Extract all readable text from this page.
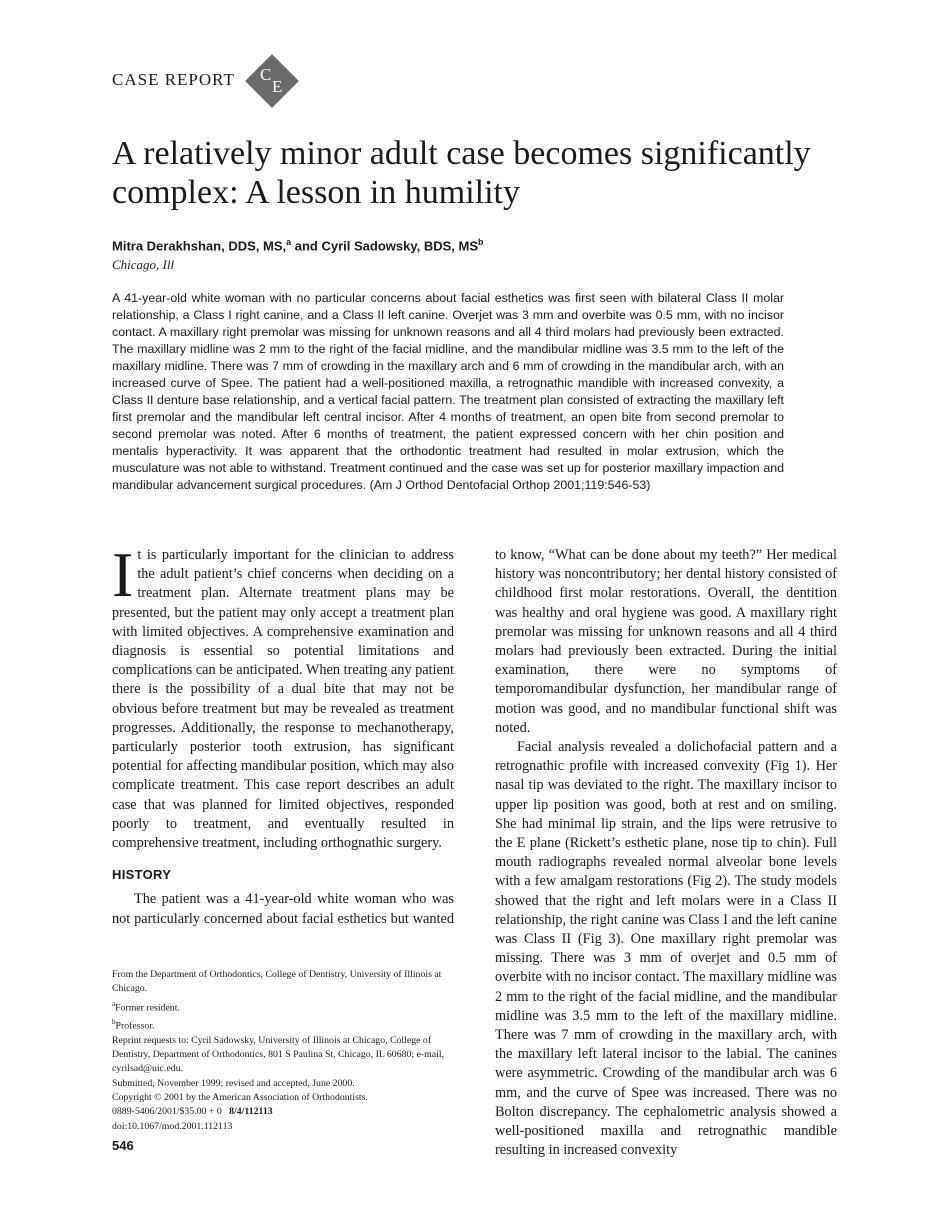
CASE REPORT C
E
A relatively minor adult case becomes significantly complex: A lesson in humility
Mitra Derakhshan, DDS, MS,$^a$ and Cyril Sadowsky, BDS, $MS^b$
Chicago, Ill

A 41-year-old white woman with no particular concerns about facial esthetics was first seen with bilateral Class II molar relationship, a Class I right canine, and a Class II left canine. Overjet was 3 mm and overbite was 0.5 mm, with no incisor contact. A maxillary right premolar was missing for unknown reasons and all 4 third molars had previously been extracted. The maxillary midline was 2 mm to the right of the facial midline, and the mandibular midline was 3.5 mm to the left of the maxillary midline. There was 7 mm of crowding in the maxillary arch and 6 mm of crowding in the mandibular arch, with an increased curve of Spee. The patient had a well-positioned maxilla, a retrognathic mandible with increased convexity, a Class II denture base relationship, and a vertical facial pattern. The treatment plan consisted of extracting the maxillary left first premolar and the mandibular left central incisor. After 4 months of treatment, an open bite from second premolar to second premolar was noted. After 6 months of treatment, the patient expressed concern with her chin position and mentalis hyperactivity. It was apparent that the orthodontic treatment had resulted in molar extrusion, which the musculature was not able to withstand. Treatment continued and the case was set up for posterior maxillary impaction and mandibular advancement surgical procedures. (Am J Orthod Dentofacial Orthop 2001;119:546-53)

It is particularly important for the clinician to address the adult patient’s chief concerns when deciding on a treatment plan. Alternate treatment plans may be presented, but the patient may only accept a treatment plan with limited objectives. A comprehensive examination and diagnosis is essential so potential limitations and complications can be anticipated. When treating any patient there is the possibility of a dual bite that may not be obvious before treatment but may be revealed as treatment progresses. Additionally, the response to mechanotherapy, particularly posterior tooth extrusion, has significant potential for affecting mandibular position, which may also complicate treatment. This case report describes an adult case that was planned for limited objectives, responded poorly to treatment, and eventually resulted in comprehensive treatment, including orthognathic surgery.

HISTORY

The patient was a 41-year-old white woman who was not particularly concerned about facial esthetics but wanted

to know, “What can be done about my teeth?” Her medical history was noncontributory; her dental history consisted of childhood first molar restorations. Overall, the dentition was healthy and oral hygiene was good. A maxillary right premolar was missing for unknown reasons and all 4 third molars had previously been extracted. During the initial examination, there were no symptoms of temporomandibular dysfunction, her mandibular range of motion was good, and no mandibular functional shift was noted.

Facial analysis revealed a dolichofacial pattern and a retrognathic profile with increased convexity (Fig 1). Her nasal tip was deviated to the right. The maxillary incisor to upper lip position was good, both at rest and on smiling. She had minimal lip strain, and the lips were retrusive to the E plane (Rickett’s esthetic plane, nose tip to chin). Full mouth radiographs revealed normal alveolar bone levels with a few amalgam restorations (Fig 2). The study models showed that the right and left molars were in a Class II relationship, the right canine was Class I and the left canine was Class II (Fig 3). One maxillary right premolar was missing. There was 3 mm of overjet and 0.5 mm of overbite with no incisor contact. The maxillary midline was 2 mm to the right of the facial midline, and the mandibular midline was 3.5 mm to the left of the maxillary midline. There was 7 mm of crowding in the maxillary arch, with the maxillary left lateral incisor to the labial. The canines were asymmetric. Crowding of the mandibular arch was 6 mm, and the curve of Spee was increased. There was no Bolton discrepancy. The cephalometric analysis showed a well-positioned maxilla and retrognathic mandible resulting in increased convexity

From the Department of Orthodontics, College of Dentistry, University of Illinois at Chicago.
$^a$Former resident.
$^b$Professor.
Reprint requests to: Cyril Sadowsky, University of Illinois at Chicago, College of Dentistry, Department of Orthodontics, 801 S Paulina St, Chicago, IL 60680; e-mail, cyrilsad@uic.edu.
Submitted, November 1999; revised and accepted, June 2000.
Copyright © 2001 by the American Association of Orthodontists.
0889-5406/2001/$35.00 + 0 8/4/112113
doi:10.1067/mod.2001.112113
546
